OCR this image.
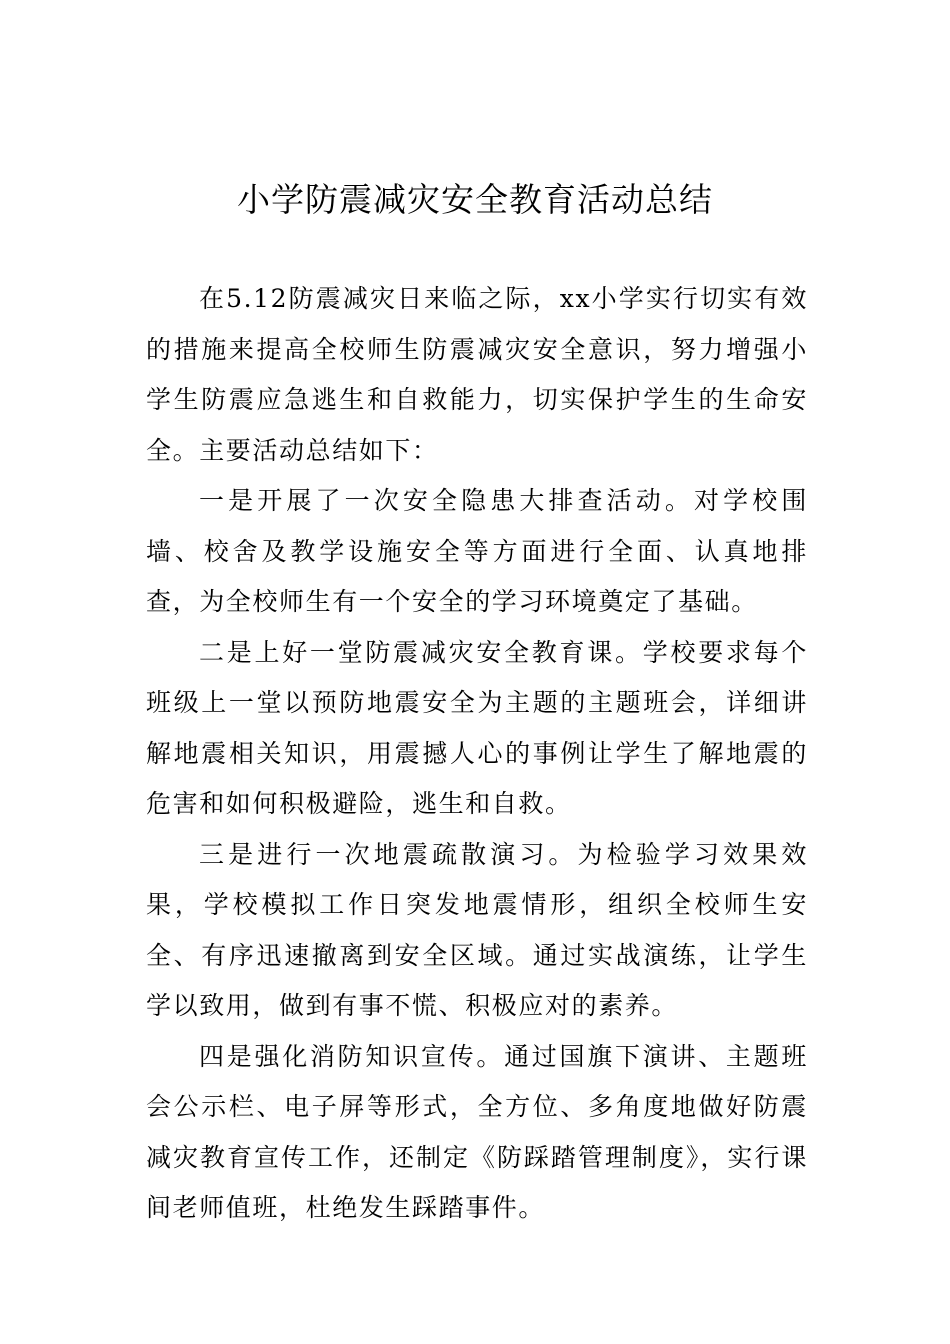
小学防震减灾安全教育活动总结

在5.12防震减灾日来临之际，xx小学实行切实有效的措施来提高全校师生防震减灾安全意识，努力增强小学生防震应急逃生和自救能力，切实保护学生的生命安全。主要活动总结如下：

一是开展了一次安全隐患大排查活动。对学校围墙、校舍及教学设施安全等方面进行全面、认真地排查，为全校师生有一个安全的学习环境奠定了基础。

二是上好一堂防震减灾安全教育课。学校要求每个班级上一堂以预防地震安全为主题的主题班会，详细讲解地震相关知识，用震撼人心的事例让学生了解地震的危害和如何积极避险，逃生和自救。

三是进行一次地震疏散演习。为检验学习效果效果，学校模拟工作日突发地震情形，组织全校师生安全、有序迅速撤离到安全区域。通过实战演练，让学生学以致用，做到有事不慌、积极应对的素养。

四是强化消防知识宣传。通过国旗下演讲、主题班会公示栏、电子屏等形式，全方位、多角度地做好防震减灾教育宣传工作，还制定《防踩踏管理制度》，实行课间老师值班，杜绝发生踩踏事件。
